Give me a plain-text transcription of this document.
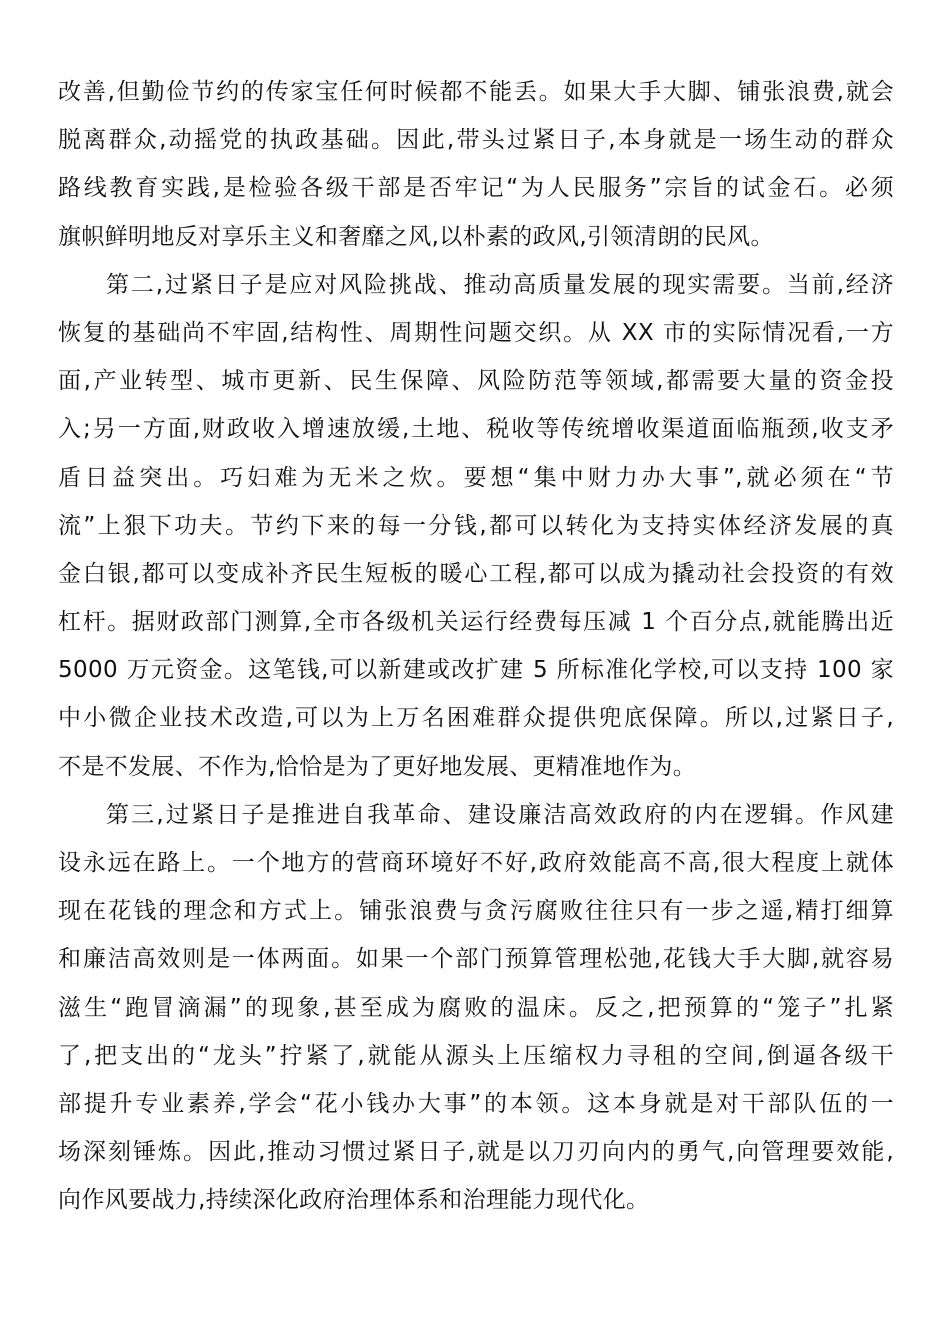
改善,但勤俭节约的传家宝任何时候都不能丢。如果大手大脚、铺张浪费,就会
脱离群众,动摇党的执政基础。因此,带头过紧日子,本身就是一场生动的群众
路线教育实践,是检验各级干部是否牢记“为人民服务”宗旨的试金石。必须
旗帜鲜明地反对享乐主义和奢靡之风,以朴素的政风,引领清朗的民风。
第二,过紧日子是应对风险挑战、推动高质量发展的现实需要。当前,经济
恢复的基础尚不牢固,结构性、周期性问题交织。从 XX 市的实际情况看,一方
面,产业转型、城市更新、民生保障、风险防范等领域,都需要大量的资金投
入;另一方面,财政收入增速放缓,土地、税收等传统增收渠道面临瓶颈,收支矛
盾日益突出。巧妇难为无米之炊。要想“集中财力办大事”,就必须在“节
流”上狠下功夫。节约下来的每一分钱,都可以转化为支持实体经济发展的真
金白银,都可以变成补齐民生短板的暖心工程,都可以成为撬动社会投资的有效
杠杆。据财政部门测算,全市各级机关运行经费每压减 1 个百分点,就能腾出近
5000 万元资金。这笔钱,可以新建或改扩建 5 所标准化学校,可以支持 100 家
中小微企业技术改造,可以为上万名困难群众提供兜底保障。所以,过紧日子,
不是不发展、不作为,恰恰是为了更好地发展、更精准地作为。
第三,过紧日子是推进自我革命、建设廉洁高效政府的内在逻辑。作风建
设永远在路上。一个地方的营商环境好不好,政府效能高不高,很大程度上就体
现在花钱的理念和方式上。铺张浪费与贪污腐败往往只有一步之遥,精打细算
和廉洁高效则是一体两面。如果一个部门预算管理松弛,花钱大手大脚,就容易
滋生“跑冒滴漏”的现象,甚至成为腐败的温床。反之,把预算的“笼子”扎紧
了,把支出的“龙头”拧紧了,就能从源头上压缩权力寻租的空间,倒逼各级干
部提升专业素养,学会“花小钱办大事”的本领。这本身就是对干部队伍的一
场深刻锤炼。因此,推动习惯过紧日子,就是以刀刃向内的勇气,向管理要效能,
向作风要战力,持续深化政府治理体系和治理能力现代化。
